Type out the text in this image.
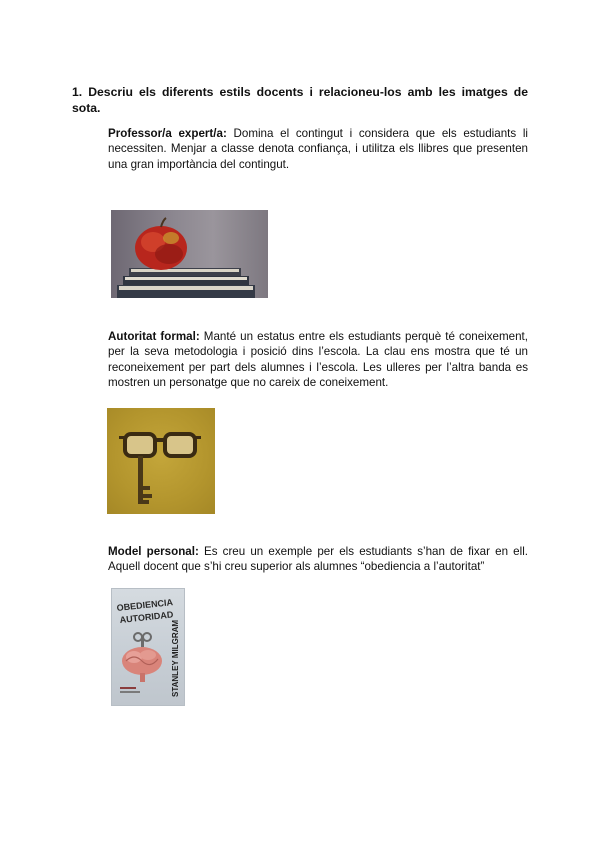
1. Descriu els diferents estils docents i relacioneu-los amb les imatges de sota.

Professor/a expert/a: Domina el contingut i considera que els estudiants li necessiten. Menjar a classe denota confiança, i utilitza els llibres que presenten una gran importància del contingut.

Autoritat formal: Manté un estatus entre els estudiants perquè té coneixement, per la seva metodologia i posició dins l’escola. La clau ens mostra que té un reconeixement per part dels alumnes i l’escola. Les ulleres per l’altra banda es mostren un personatge que no careix de coneixement.

Model personal: Es creu un exemple per els estudiants s’han de fixar en ell. Aquell docent que s’hi creu superior als alumnes “obediencia a l’autoritat”

OBEDIENCIA
AUTORIDAD
STANLEY MILGRAM
